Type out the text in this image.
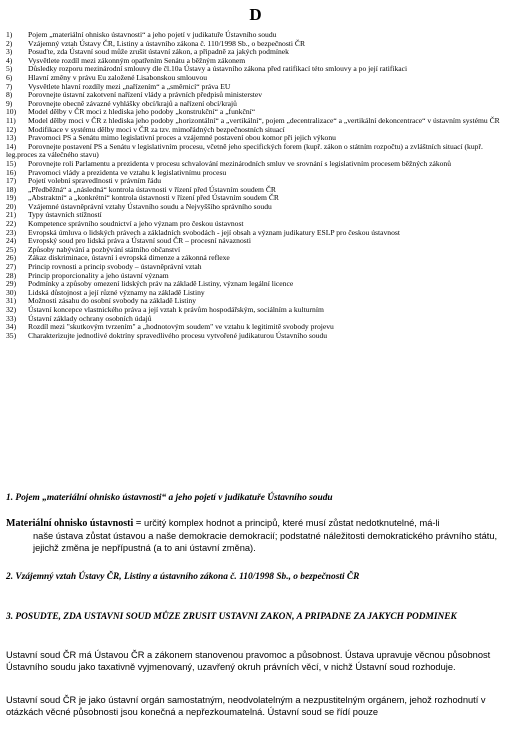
D
1) Pojem „materiální ohnisko ústavnosti“ a jeho pojetí v judikatuře Ústavního soudu
2) Vzájemný vztah Ústavy ČR, Listiny a ústavního zákona č. 110/1998 Sb., o bezpečnosti ČR
3) Posuďte, zda Ústavní soud může zrušit ústavní zákon, a připadně za jakých podmínek
4) Vysvětlete rozdíl mezi zákonným opatřením Senátu a běžným zákonem
5) Důsledky rozporu mezinárodní smlouvy dle čl.10a Ústavy a ústavního zákona před ratifikací této smlouvy a po její ratifikaci
6) Hlavní změny v právu Eu založené Lisabonskou smlouvou
7) Vysvětlete hlavní rozdíly mezi „nařízením“ a „směrnicí“ práva EU
8) Porovnejte ústavní zakotvení nařízení vlády a právních předpisů ministerstev
9) Porovnejte obecně závazné vyhlášky obcí/krajů a nařízení obcí/krajů
10) Model dělby v ČR moci z hlediska jeho podoby „konstrukční“ a „funkční“
11) Model dělby moci v ČR z hlediska jeho podoby „horizontální“ a „vertikální“, pojem „decentralizace“ a „vertikální dekoncentrace“ v ústavním systému ČR
12) Modifikace v systému dělby moci v ČR za tzv. mimořádných bezpečnostních situací
13) Pravomoci PS a Senátu mimo legislativní proces a vzájemné postavení obou komor při jejich výkonu
14) Porovnejte postavení PS a Senátu v legislativním procesu, včetně jeho specifických forem (kupř. zákon o státním rozpočtu) a zvláštních situací (kupř. leg.proces za válečného stavu)
15) Porovnejte roli Parlamentu a prezidenta v procesu schvalování mezinárodních smluv ve srovnání s legislativním procesem běžných zákonů
16) Pravomoci vlády a prezidenta ve vztahu k legislativnímu procesu
17) Pojetí volební spravedlnosti v právním řádu
18) „Předběžná“ a „následná“ kontrola ústavnosti v řízení před Ústavním soudem ČR
19) „Abstraktní“ a „konkrétní“ kontrola ústavnosti v řízení před Ústavním soudem ČR
20) Vzájemné ústavněprávní vztahy Ústavního soudu a Nejvyššího správního soudu
21) Typy ústavních stížností
22) Kompetence správního soudnictví a jeho význam pro českou ústavnost
23) Evropská úmluva o lidských právech a základních svobodách - její obsah a význam judikatury ESLP pro českou ústavnost
24) Evropský soud pro lidská práva a Ústavní soud ČR – procesní návaznosti
25) Způsoby nabývání a pozbývání státního občanství
26) Zákaz diskriminace, ústavní i evropská dimenze a zákonná reflexe
27) Princip rovnosti a princip svobody – ústavněprávní vztah
28) Princip proporcionality a jeho ústavní význam
29) Podmínky a způsoby omezení lidských práv na základě Listiny, význam legální licence
30) Lidská důstojnost a její různé významy na základě Listiny
31) Možnosti zásahu do osobní svobody na základě Listiny
32) Ústavní koncepce vlastnického práva a její vztah k právům hospodářským, sociálním a kulturním
33) Ústavní základy ochrany osobních údajů
34) Rozdíl mezi "skutkovým tvrzením" a „hodnotovým soudem" ve vztahu k legitimitě svobody projevu
35) Charakterizujte jednotlivé doktríny spravedlivého procesu vytvořené judikaturou Ústavního soudu
1. Pojem „materiální ohnisko ústavnosti“ a jeho pojetí v judikatuře Ústavního soudu
Materiální ohnisko ústavnosti = určitý komplex hodnot a principů, které musí zůstat nedotknutelné, má-li
naše ústava zůstat ústavou a naše demokracie demokracií; podstatné náležitosti demokratického právního státu, jejichž změna je nepřípustná (a to ani ústavní změna).
2. Vzájemný vztah Ústavy ČR, Listiny a ústavního zákona č. 110/1998 Sb., o bezpečnosti ČR
3. POSUDTE, ZDA USTAVNI SOUD MŮZE ZRUSIT USTAVNI ZAKON, A PRIPADNE ZA JAKYCH PODMINEK
Ustavní soud ČR má Ústavou ČR a zákonem stanovenou pravomoc a působnost. Ústava upravuje věcnou působnost Ústavního soudu jako taxativně vyjmenovaný, uzavřený okruh právních věcí, v nichž Ústavní soud rozhoduje.
Ustavní soud ČR je jako ústavní orgán samostatným, neodvolatelným a nezpustitelným orgánem, jehož rozhodnutí v otázkách věcné působnosti jsou konečná a nepřezkoumatelná. Ústavní soud se řídí pouze
